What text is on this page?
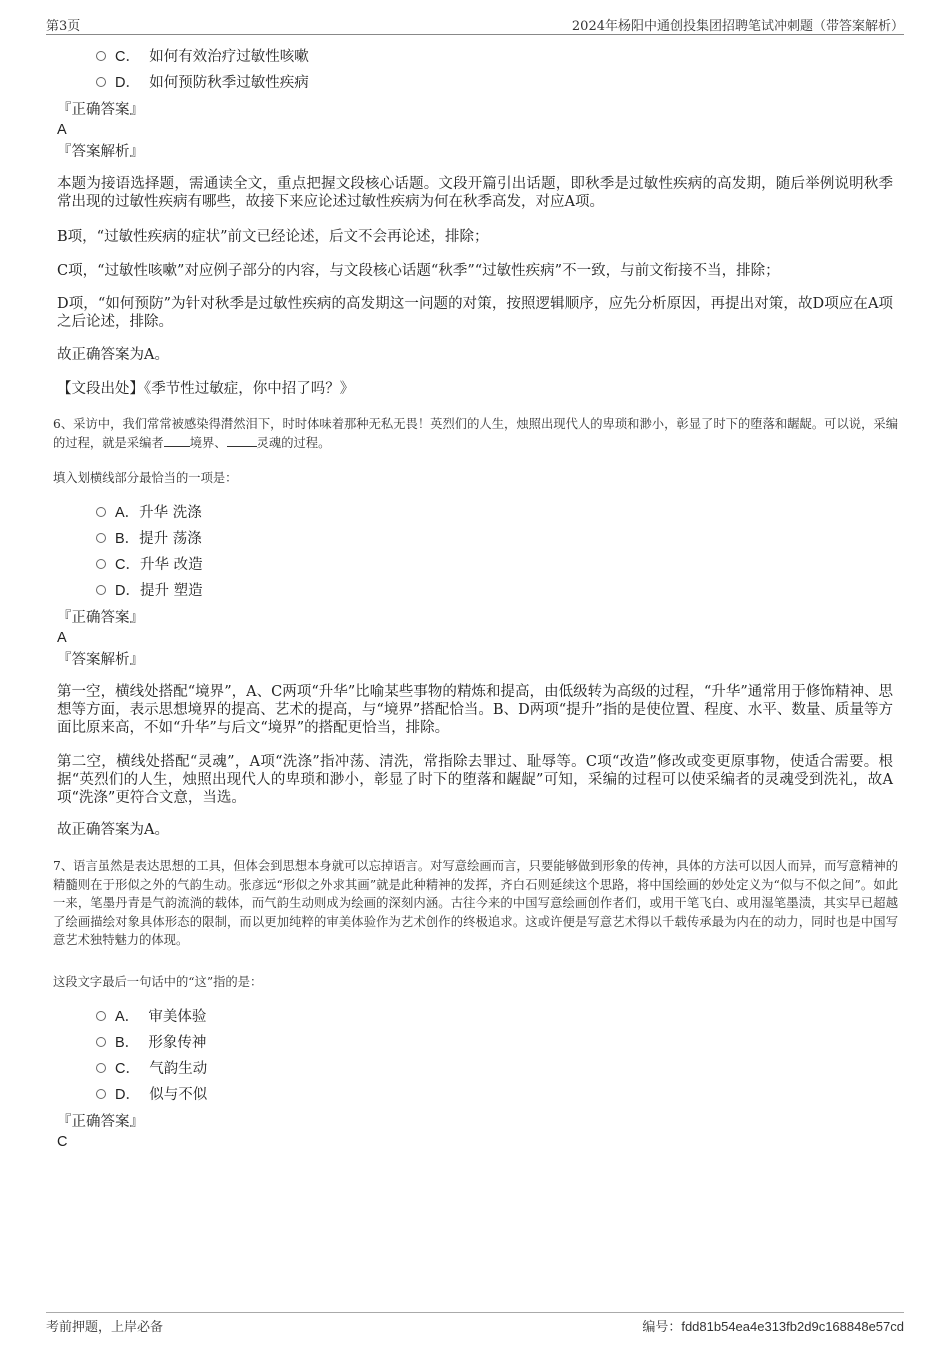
第3页	2024年杨阳中通创投集团招聘笔试冲刺题（带答案解析）
C． 如何有效治疗过敏性咳嗽
D． 如何预防秋季过敏性疾病
『正确答案』
A
『答案解析』
本题为接语选择题，需通读全文，重点把握文段核心话题。文段开篇引出话题，即秋季是过敏性疾病的高发期，随后举例说明秋季常出现的过敏性疾病有哪些，故接下来应论述过敏性疾病为何在秋季高发，对应A项。
B项，“过敏性疾病的症状”前文已经论述，后文不会再论述，排除；
C项，“过敏性咳嗽”对应例子部分的内容，与文段核心话题“秋季”“过敏性疾病”不一致，与前文衔接不当，排除；
D项，“如何预防”为针对秋季是过敏性疾病的高发期这一问题的对策，按照逻辑顺序，应先分析原因，再提出对策，故D项应在A项之后论述，排除。
故正确答案为A。
【文段出处】《季节性过敏症，你中招了吗？》
6、采访中，我们常常被感染得潸然泪下，时时体味着那种无私无畏！英烈们的人生，烛照出现代人的卑琐和渺小，彰显了时下的堕落和龌龊。可以说，采编的过程，就是采编者 境界、 灵魂的过程。
填入划横线部分最恰当的一项是：
A．升华 洗涤
B．提升 荡涤
C．升华 改造
D．提升 塑造
『正确答案』
A
『答案解析』
第一空，横线处搭配“境界”，A、C两项“升华”比喻某些事物的精炼和提高，由低级转为高级的过程，“升华”通常用于修饰精神、思想等方面，表示思想境界的提高、艺术的提高，与“境界”搭配恰当。B、D两项“提升”指的是使位置、程度、水平、数量、质量等方面比原来高，不如“升华”与后文“境界”的搭配更恰当，排除。
第二空，横线处搭配“灵魂”，A项“洗涤”指冲荡、清洗，常指除去罪过、耻辱等。C项“改造”修改或变更原事物，使适合需要。根据“英烈们的人生，烛照出现代人的卑琐和渺小，彰显了时下的堕落和龌龊”可知，采编的过程可以使采编者的灵魂受到洗礼，故A项“洗涤”更符合文意，当选。
故正确答案为A。
7、语言虽然是表达思想的工具，但体会到思想本身就可以忘掉语言。对写意绘画而言，只要能够做到形象的传神，具体的方法可以因人而异，而写意精神的精髓则在于形似之外的气韵生动。张彦远“形似之外求其画”就是此种精神的发挥，齐白石则延续这个思路，将中国绘画的妙处定义为“似与不似之间”。如此一来，笔墨丹青是气韵流淌的载体，而气韵生动则成为绘画的深刻内涵。古往今来的中国写意绘画创作者们，或用干笔飞白、或用湿笔墨渍，其实早已超越了绘画描绘对象具体形态的限制，而以更加纯粹的审美体验作为艺术创作的终极追求。这或许便是写意艺术得以千载传承最为内在的动力，同时也是中国写意艺术独特魅力的体现。
这段文字最后一句话中的“这”指的是：
A． 审美体验
B． 形象传神
C． 气韵生动
D． 似与不似
『正确答案』
C
考前押题，上岸必备	编号：fdd81b54ea4e313fb2d9c168848e57cd
